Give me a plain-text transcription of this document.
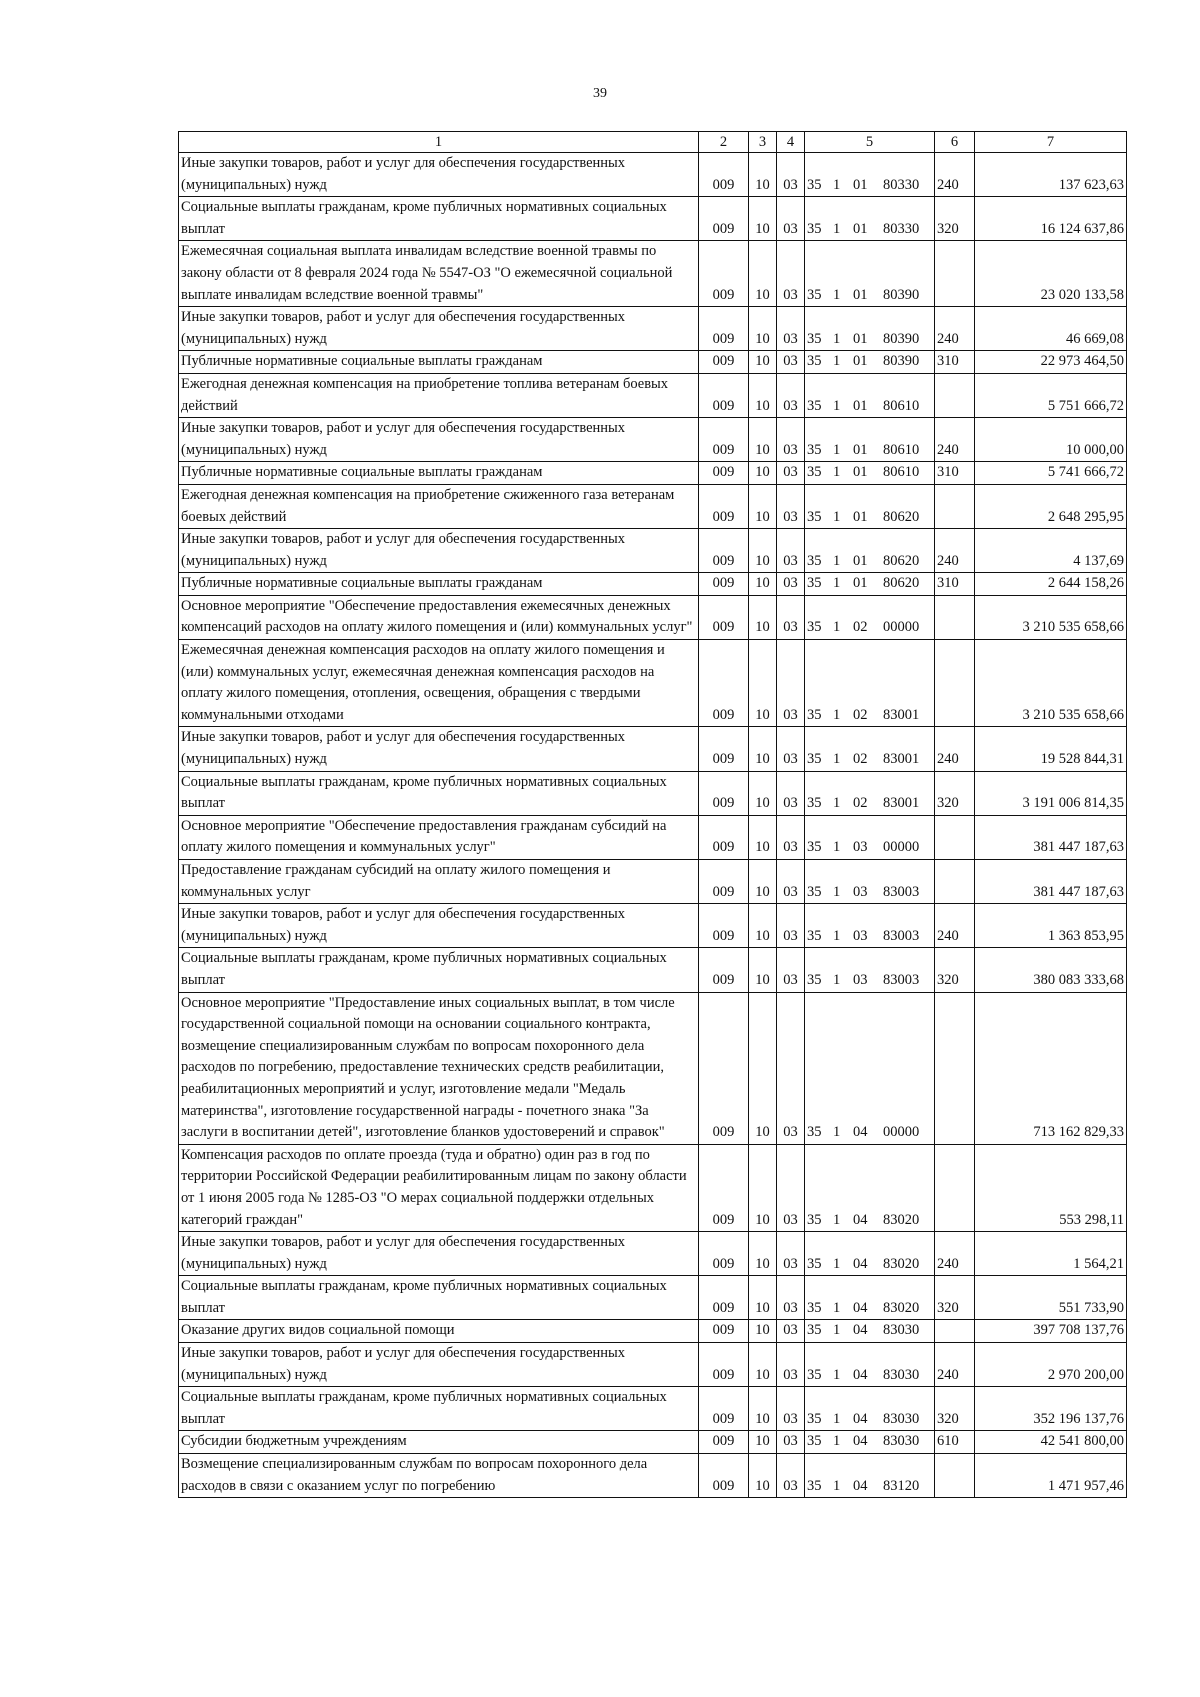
39
1	2	3	4	5	6	7
Иные закупки товаров, работ и услуг для обеспечения государственных (муниципальных) нужд	009	10	03	35 1 01 80330	240	137 623,63
Социальные выплаты гражданам, кроме публичных нормативных социальных выплат	009	10	03	35 1 01 80330	320	16 124 637,86
Ежемесячная социальная выплата инвалидам вследствие военной травмы по закону области от 8 февраля 2024 года № 5547-ОЗ "О ежемесячной социальной выплате инвалидам вследствие военной травмы"	009	10	03	35 1 01 80390		23 020 133,58
Иные закупки товаров, работ и услуг для обеспечения государственных (муниципальных) нужд	009	10	03	35 1 01 80390	240	46 669,08
Публичные нормативные социальные выплаты гражданам	009	10	03	35 1 01 80390	310	22 973 464,50
Ежегодная денежная компенсация на приобретение топлива ветеранам боевых действий	009	10	03	35 1 01 80610		5 751 666,72
Иные закупки товаров, работ и услуг для обеспечения государственных (муниципальных) нужд	009	10	03	35 1 01 80610	240	10 000,00
Публичные нормативные социальные выплаты гражданам	009	10	03	35 1 01 80610	310	5 741 666,72
Ежегодная денежная компенсация на приобретение сжиженного газа ветеранам боевых действий	009	10	03	35 1 01 80620		2 648 295,95
Иные закупки товаров, работ и услуг для обеспечения государственных (муниципальных) нужд	009	10	03	35 1 01 80620	240	4 137,69
Публичные нормативные социальные выплаты гражданам	009	10	03	35 1 01 80620	310	2 644 158,26
Основное мероприятие "Обеспечение предоставления ежемесячных денежных компенсаций расходов на оплату жилого помещения и (или) коммунальных услуг"	009	10	03	35 1 02 00000		3 210 535 658,66
Ежемесячная денежная компенсация расходов на оплату жилого помещения и (или) коммунальных услуг, ежемесячная денежная компенсация расходов на оплату жилого помещения, отопления, освещения, обращения с твердыми коммунальными отходами	009	10	03	35 1 02 83001		3 210 535 658,66
Иные закупки товаров, работ и услуг для обеспечения государственных (муниципальных) нужд	009	10	03	35 1 02 83001	240	19 528 844,31
Социальные выплаты гражданам, кроме публичных нормативных социальных выплат	009	10	03	35 1 02 83001	320	3 191 006 814,35
Основное мероприятие "Обеспечение предоставления гражданам субсидий на оплату жилого помещения и коммунальных услуг"	009	10	03	35 1 03 00000		381 447 187,63
Предоставление гражданам субсидий на оплату жилого помещения и коммунальных услуг	009	10	03	35 1 03 83003		381 447 187,63
Иные закупки товаров, работ и услуг для обеспечения государственных (муниципальных) нужд	009	10	03	35 1 03 83003	240	1 363 853,95
Социальные выплаты гражданам, кроме публичных нормативных социальных выплат	009	10	03	35 1 03 83003	320	380 083 333,68
Основное мероприятие "Предоставление иных социальных выплат, в том числе государственной социальной помощи на основании социального контракта, возмещение специализированным службам по вопросам похоронного дела расходов по погребению, предоставление технических средств реабилитации, реабилитационных мероприятий и услуг, изготовление медали "Медаль материнства", изготовление государственной награды - почетного знака "За заслуги в воспитании детей", изготовление бланков удостоверений и справок"	009	10	03	35 1 04 00000		713 162 829,33
Компенсация расходов по оплате проезда (туда и обратно) один раз в год по территории Российской Федерации реабилитированным лицам по закону области от 1 июня 2005 года № 1285-ОЗ "О мерах социальной поддержки отдельных категорий граждан"	009	10	03	35 1 04 83020		553 298,11
Иные закупки товаров, работ и услуг для обеспечения государственных (муниципальных) нужд	009	10	03	35 1 04 83020	240	1 564,21
Социальные выплаты гражданам, кроме публичных нормативных социальных выплат	009	10	03	35 1 04 83020	320	551 733,90
Оказание других видов социальной помощи	009	10	03	35 1 04 83030		397 708 137,76
Иные закупки товаров, работ и услуг для обеспечения государственных (муниципальных) нужд	009	10	03	35 1 04 83030	240	2 970 200,00
Социальные выплаты гражданам, кроме публичных нормативных социальных выплат	009	10	03	35 1 04 83030	320	352 196 137,76
Субсидии бюджетным учреждениям	009	10	03	35 1 04 83030	610	42 541 800,00
Возмещение специализированным службам по вопросам похоронного дела расходов в связи с оказанием услуг по погребению	009	10	03	35 1 04 83120		1 471 957,46
